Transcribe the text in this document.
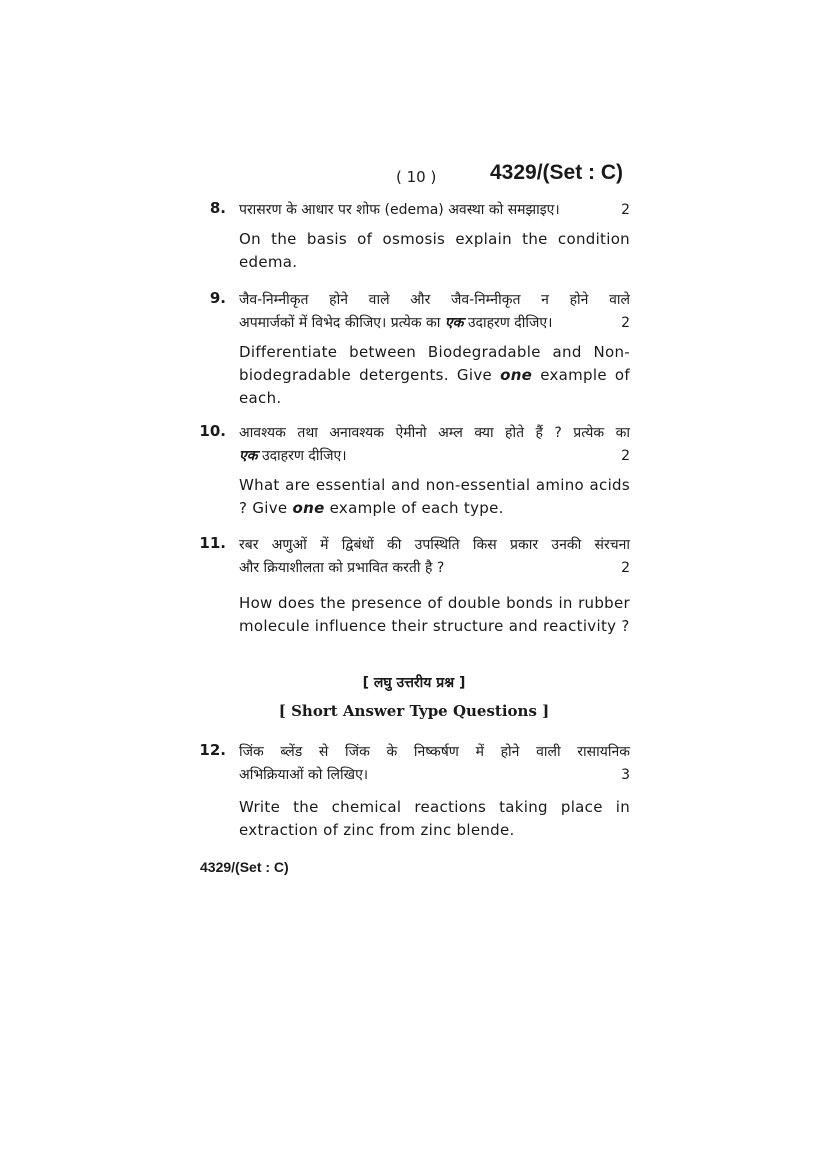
( 10 )	4329/(Set : C)
8. परासरण के आधार पर शोफ (edema) अवस्था को समझाइए।	2
On the basis of osmosis explain the condition edema.
9. जैव-निम्नीकृत होने वाले और जैव-निम्नीकृत न होने वाले
अपमार्जकों में विभेद कीजिए। प्रत्येक का एक उदाहरण दीजिए।	2
Differentiate between Biodegradable and Non-biodegradable detergents. Give one example of each.
10. आवश्यक तथा अनावश्यक ऐमीनो अम्ल क्या होते हैं ? प्रत्येक का
एक उदाहरण दीजिए।	2
What are essential and non-essential amino acids ? Give one example of each type.
11. रबर अणुओं में द्विबंधों की उपस्थिति किस प्रकार उनकी संरचना
और क्रियाशीलता को प्रभावित करती है ?	2
How does the presence of double bonds in rubber molecule influence their structure and reactivity ?
[ लघु उत्तरीय प्रश्न ]
[ Short Answer Type Questions ]
12. जिंक ब्लेंड से जिंक के निष्कर्षण में होने वाली रासायनिक
अभिक्रियाओं को लिखिए।	3
Write the chemical reactions taking place in extraction of zinc from zinc blende.
4329/(Set : C)
